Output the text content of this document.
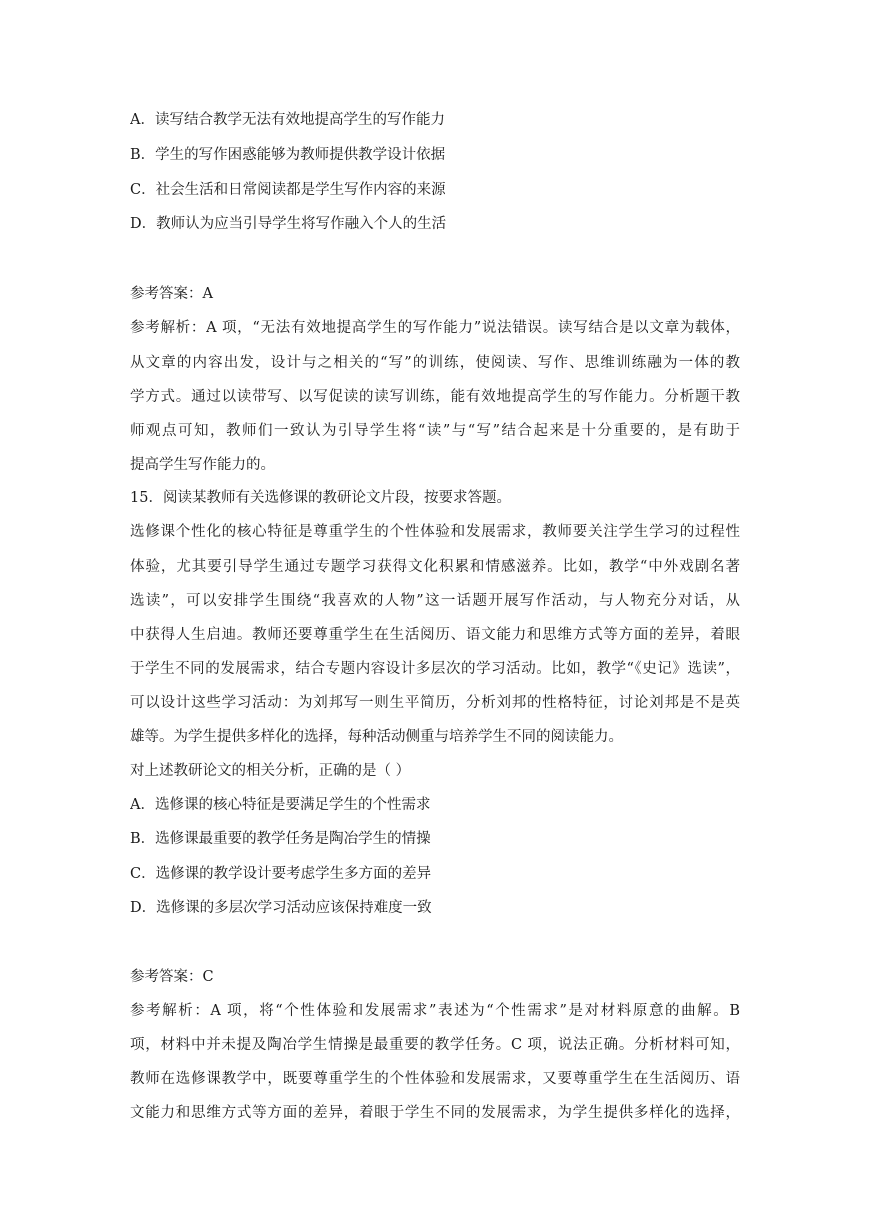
A．读写结合教学无法有效地提高学生的写作能力
B．学生的写作困惑能够为教师提供教学设计依据
C．社会生活和日常阅读都是学生写作内容的来源
D．教师认为应当引导学生将写作融入个人的生活
参考答案：A
参考解析：A 项，“无法有效地提高学生的写作能力”说法错误。读写结合是以文章为载体，
从文章的内容出发，设计与之相关的“写”的训练，使阅读、写作、思维训练融为一体的教
学方式。通过以读带写、以写促读的读写训练，能有效地提高学生的写作能力。分析题干教
师观点可知，教师们一致认为引导学生将“读”与“写”结合起来是十分重要的，是有助于
提高学生写作能力的。
15．阅读某教师有关选修课的教研论文片段，按要求答题。
选修课个性化的核心特征是尊重学生的个性体验和发展需求，教师要关注学生学习的过程性
体验，尤其要引导学生通过专题学习获得文化积累和情感滋养。比如，教学“中外戏剧名著
选读”，可以安排学生围绕“我喜欢的人物”这一话题开展写作活动，与人物充分对话，从
中获得人生启迪。教师还要尊重学生在生活阅历、语文能力和思维方式等方面的差异，着眼
于学生不同的发展需求，结合专题内容设计多层次的学习活动。比如，教学“《史记》选读”，
可以设计这些学习活动：为刘邦写一则生平简历，分析刘邦的性格特征，讨论刘邦是不是英
雄等。为学生提供多样化的选择，每种活动侧重与培养学生不同的阅读能力。
对上述教研论文的相关分析，正确的是（ ）
A．选修课的核心特征是要满足学生的个性需求
B．选修课最重要的教学任务是陶冶学生的情操
C．选修课的教学设计要考虑学生多方面的差异
D．选修课的多层次学习活动应该保持难度一致
参考答案：C
参考解析：A 项，将“个性体验和发展需求”表述为“个性需求”是对材料原意的曲解。B
项，材料中并未提及陶冶学生情操是最重要的教学任务。C 项，说法正确。分析材料可知，
教师在选修课教学中，既要尊重学生的个性体验和发展需求，又要尊重学生在生活阅历、语
文能力和思维方式等方面的差异，着眼于学生不同的发展需求，为学生提供多样化的选择，
